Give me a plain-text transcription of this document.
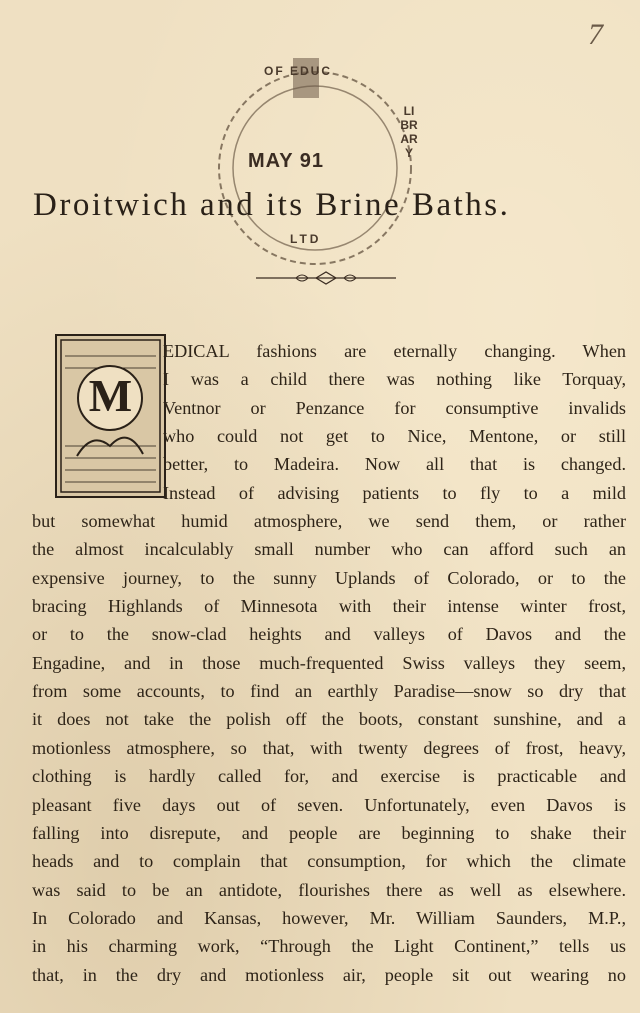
7
OF EDUC
MAY 91
LIBRARY
LTD
Droitwich and its Brine Baths.
M
EDICAL fashions are eternally changing. When
I was a child there was nothing like Torquay,
Ventnor or Penzance for consumptive invalids
who could not get to Nice, Mentone, or still
better, to Madeira. Now all that is changed.
Instead of advising patients to fly to a mild
but somewhat humid atmosphere, we send them, or rather
the almost incalculably small number who can afford such an
expensive journey, to the sunny Uplands of Colorado, or to the
bracing Highlands of Minnesota with their intense winter frost,
or to the snow-clad heights and valleys of Davos and the
Engadine, and in those much-frequented Swiss valleys they seem,
from some accounts, to find an earthly Paradise—snow so dry that
it does not take the polish off the boots, constant sunshine, and a
motionless atmosphere, so that, with twenty degrees of frost, heavy,
clothing is hardly called for, and exercise is practicable and
pleasant five days out of seven. Unfortunately, even Davos is
falling into disrepute, and people are beginning to shake their
heads and to complain that consumption, for which the climate
was said to be an antidote, flourishes there as well as elsewhere.
In Colorado and Kansas, however, Mr. William Saunders, M.P.,
in his charming work, “Through the Light Continent,” tells us
that, in the dry and motionless air, people sit out wearing no
